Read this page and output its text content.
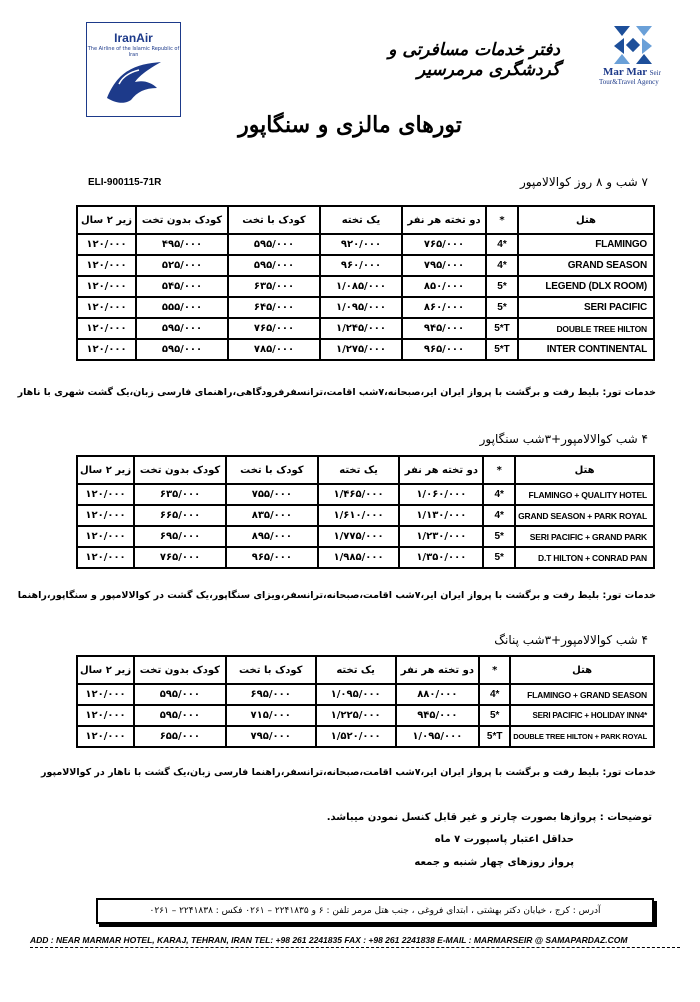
IranAir
The Airline of the Islamic Republic of Iran
Mar Mar Seir
Tour&Travel Agency
دفتر خدمات مسافرتی و گردشگری مرمرسیر
تورهای مالزی و سنگاپور
ELI-900115-71R	۷ شب و ۸ روز کوالالامپور
هتل	*	دو تخته هر نفر	یک تخته	کودک با تخت	کودک بدون تخت	زیر ۲ سال
FLAMINGO	4*	۷۶۵/۰۰۰	۹۲۰/۰۰۰	۵۹۵/۰۰۰	۴۹۵/۰۰۰	۱۲۰/۰۰۰
GRAND SEASON	4*	۷۹۵/۰۰۰	۹۶۰/۰۰۰	۵۹۵/۰۰۰	۵۲۵/۰۰۰	۱۲۰/۰۰۰
LEGEND (DLX ROOM)	5*	۸۵۰/۰۰۰	۱/۰۸۵/۰۰۰	۶۳۵/۰۰۰	۵۴۵/۰۰۰	۱۲۰/۰۰۰
SERI PACIFIC	5*	۸۶۰/۰۰۰	۱/۰۹۵/۰۰۰	۶۴۵/۰۰۰	۵۵۵/۰۰۰	۱۲۰/۰۰۰
DOUBLE TREE HILTON	5*T	۹۴۵/۰۰۰	۱/۲۴۵/۰۰۰	۷۶۵/۰۰۰	۵۹۵/۰۰۰	۱۲۰/۰۰۰
INTER CONTINENTAL	5*T	۹۶۵/۰۰۰	۱/۲۷۵/۰۰۰	۷۸۵/۰۰۰	۵۹۵/۰۰۰	۱۲۰/۰۰۰
خدمات تور: بلیط رفت و برگشت با پرواز ایران ایر،صبحانه،۷شب اقامت،ترانسفرفرودگاهی،راهنمای فارسی زبان،یک گشت شهری با ناهار
۴ شب کوالالامپور+۳شب سنگاپور
هتل	*	دو تخته هر نفر	یک تخته	کودک با تخت	کودک بدون تخت	زیر ۲ سال
FLAMINGO + QUALITY HOTEL	4*	۱/۰۶۰/۰۰۰	۱/۴۶۵/۰۰۰	۷۵۵/۰۰۰	۶۳۵/۰۰۰	۱۲۰/۰۰۰
GRAND SEASON + PARK ROYAL	4*	۱/۱۳۰/۰۰۰	۱/۶۱۰/۰۰۰	۸۳۵/۰۰۰	۶۶۵/۰۰۰	۱۲۰/۰۰۰
SERI PACIFIC + GRAND PARK	5*	۱/۲۳۰/۰۰۰	۱/۷۷۵/۰۰۰	۸۹۵/۰۰۰	۶۹۵/۰۰۰	۱۲۰/۰۰۰
D.T HILTON + CONRAD PAN	5*	۱/۳۵۰/۰۰۰	۱/۹۸۵/۰۰۰	۹۶۵/۰۰۰	۷۶۵/۰۰۰	۱۲۰/۰۰۰
خدمات تور: بلیط رفت و برگشت با پرواز ایران ایر،۷شب اقامت،صبحانه،ترانسفر،ویزای سنگاپور،یک گشت در کوالالامپور و سنگاپور،راهنما
۴ شب کوالالامپور+۳شب پنانگ
هتل	*	دو تخته هر نفر	یک تخته	کودک با تخت	کودک بدون تخت	زیر ۲ سال
FLAMINGO + GRAND SEASON	4*	۸۸۰/۰۰۰	۱/۰۹۵/۰۰۰	۶۹۵/۰۰۰	۵۹۵/۰۰۰	۱۲۰/۰۰۰
SERI PACIFIC + HOLIDAY INN4*	5*	۹۴۵/۰۰۰	۱/۲۲۵/۰۰۰	۷۱۵/۰۰۰	۵۹۵/۰۰۰	۱۲۰/۰۰۰
DOUBLE TREE HILTON + PARK ROYAL	5*T	۱/۰۹۵/۰۰۰	۱/۵۲۰/۰۰۰	۷۹۵/۰۰۰	۶۵۵/۰۰۰	۱۲۰/۰۰۰
خدمات تور: بلیط رفت و برگشت با پرواز ایران ایر،۷شب اقامت،صبحانه،ترانسفر،راهنما فارسی زبان،یک گشت با ناهار در کوالالامپور
توضیحات : پروازها بصورت چارتر و غیر قابل کنسل نمودن میباشد.
حداقل اعتبار پاسپورت ۷ ماه
پرواز روزهای چهار شنبه و جمعه
آدرس : کرج ، خیابان دکتر بهشتی ، ابتدای فروغی ، جنب هتل مرمر تلفن : ۶ و ۲۲۴۱۸۳۵ – ۰۲۶۱ فکس : ۲۲۴۱۸۳۸ – ۰۲۶۱
ADD : NEAR MARMAR HOTEL, KARAJ, TEHRAN, IRAN TEL: +98 261 2241835 FAX : +98 261 2241838 E-MAIL : MARMARSEIR @ SAMAPARDAZ.COM
